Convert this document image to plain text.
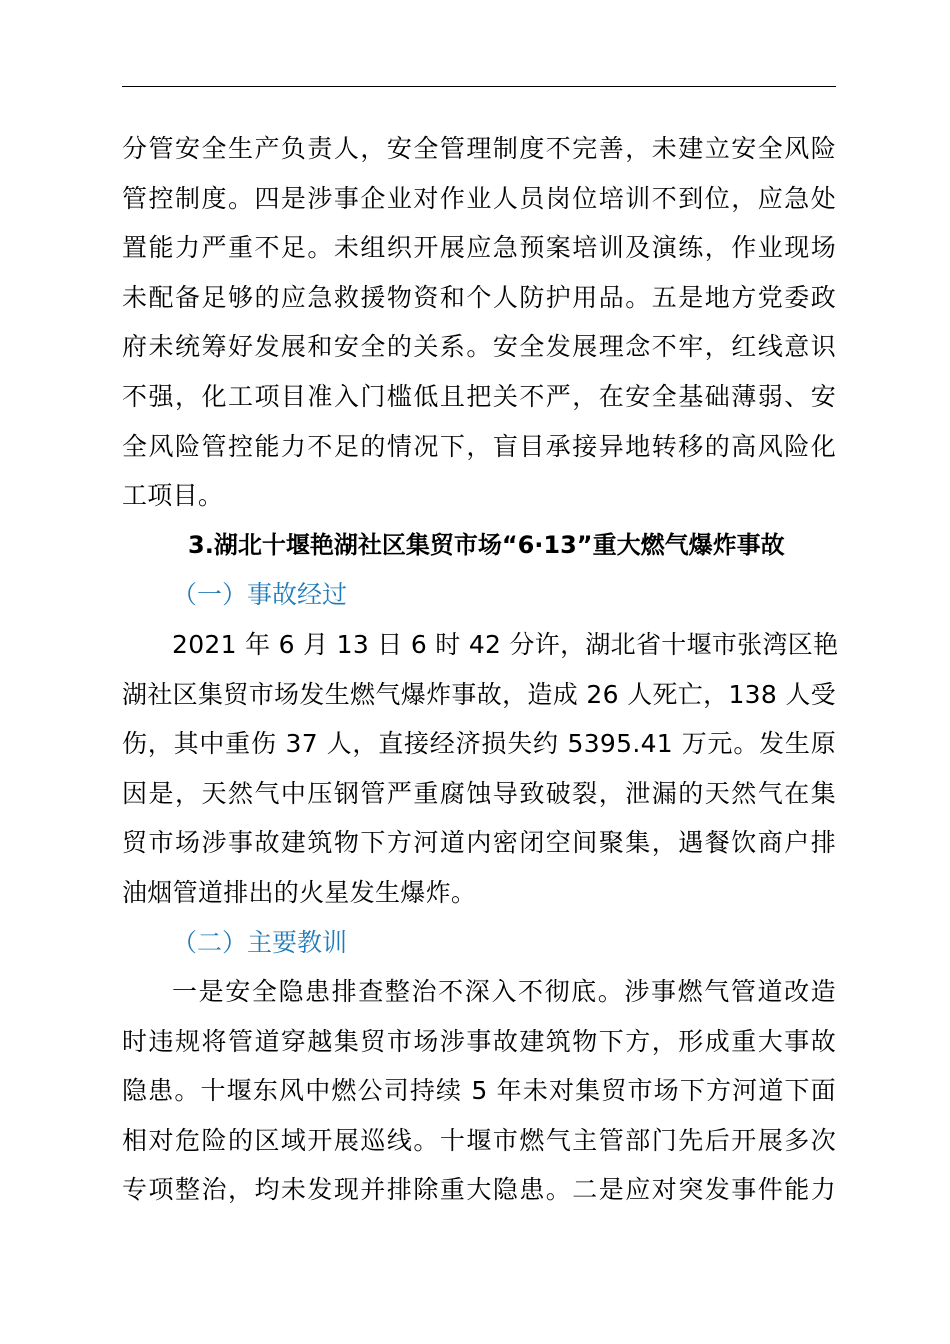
分管安全生产负责人，安全管理制度不完善，未建立安全风险
管控制度。四是涉事企业对作业人员岗位培训不到位，应急处
置能力严重不足。未组织开展应急预案培训及演练，作业现场
未配备足够的应急救援物资和个人防护用品。五是地方党委政
府未统筹好发展和安全的关系。安全发展理念不牢，红线意识
不强，化工项目准入门槛低且把关不严，在安全基础薄弱、安
全风险管控能力不足的情况下，盲目承接异地转移的高风险化
工项目。

3.湖北十堰艳湖社区集贸市场“6·13”重大燃气爆炸事故

（一）事故经过

2021 年 6 月 13 日 6 时 42 分许，湖北省十堰市张湾区艳
湖社区集贸市场发生燃气爆炸事故，造成 26 人死亡，138 人受
伤，其中重伤 37 人，直接经济损失约 5395.41 万元。发生原
因是，天然气中压钢管严重腐蚀导致破裂，泄漏的天然气在集
贸市场涉事故建筑物下方河道内密闭空间聚集，遇餐饮商户排
油烟管道排出的火星发生爆炸。

（二）主要教训

一是安全隐患排查整治不深入不彻底。涉事燃气管道改造
时违规将管道穿越集贸市场涉事故建筑物下方，形成重大事故
隐患。十堰东风中燃公司持续 5 年未对集贸市场下方河道下面
相对危险的区域开展巡线。十堰市燃气主管部门先后开展多次
专项整治，均未发现并排除重大隐患。二是应对突发事件能力
